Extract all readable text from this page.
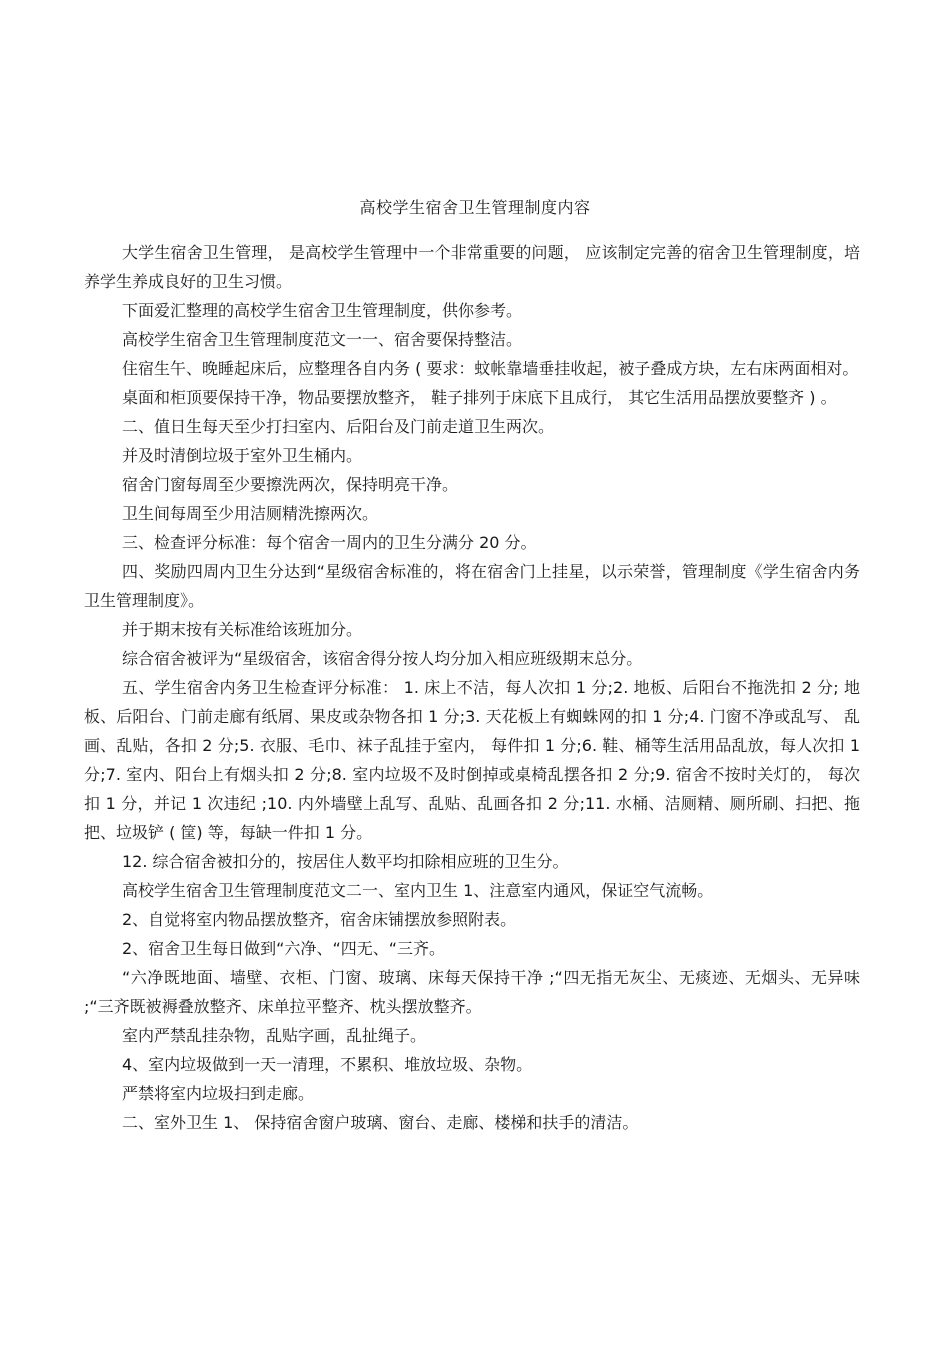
高校学生宿舍卫生管理制度内容

大学生宿舍卫生管理， 是高校学生管理中一个非常重要的问题， 应该制定完善的宿舍卫生管理制度，培养学生养成良好的卫生习惯。

下面爱汇整理的高校学生宿舍卫生管理制度，供你参考。

高校学生宿舍卫生管理制度范文一一、宿舍要保持整洁。

住宿生午、晚睡起床后，应整理各自内务 ( 要求：蚊帐靠墙垂挂收起，被子叠成方块，左右床两面相对。

桌面和柜顶要保持干净，物品要摆放整齐， 鞋子排列于床底下且成行， 其它生活用品摆放要整齐 ) 。

二、值日生每天至少打扫室内、后阳台及门前走道卫生两次。

并及时清倒垃圾于室外卫生桶内。

宿舍门窗每周至少要擦洗两次，保持明亮干净。

卫生间每周至少用洁厕精洗擦两次。

三、检查评分标准：每个宿舍一周内的卫生分满分 20 分。

四、奖励四周内卫生分达到“星级宿舍标准的，将在宿舍门上挂星，以示荣誉，管理制度《学生宿舍内务卫生管理制度》。

并于期末按有关标准给该班加分。

综合宿舍被评为“星级宿舍，该宿舍得分按人均分加入相应班级期末总分。

五、学生宿舍内务卫生检查评分标准： 1. 床上不洁，每人次扣 1 分;2. 地板、后阳台不拖洗扣 2 分; 地板、后阳台、门前走廊有纸屑、果皮或杂物各扣 1 分;3. 天花板上有蜘蛛网的扣 1 分;4. 门窗不净或乱写、 乱画、乱贴，各扣 2 分;5. 衣服、毛巾、袜子乱挂于室内， 每件扣 1 分;6. 鞋、桶等生活用品乱放，每人次扣 1 分;7. 室内、阳台上有烟头扣 2 分;8. 室内垃圾不及时倒掉或桌椅乱摆各扣 2 分;9. 宿舍不按时关灯的， 每次扣 1 分，并记 1 次违纪 ;10. 内外墙壁上乱写、乱贴、乱画各扣 2 分;11. 水桶、洁厕精、厕所刷、扫把、拖把、垃圾铲 ( 筐) 等，每缺一件扣 1 分。

12. 综合宿舍被扣分的，按居住人数平均扣除相应班的卫生分。

高校学生宿舍卫生管理制度范文二一、室内卫生 1、注意室内通风，保证空气流畅。

2、自觉将室内物品摆放整齐，宿舍床铺摆放参照附表。

2、宿舍卫生每日做到“六净、“四无、“三齐。

“六净既地面、墙壁、衣柜、门窗、玻璃、床每天保持干净 ;“四无指无灰尘、无痰迹、无烟头、无异味 ;“三齐既被褥叠放整齐、床单拉平整齐、枕头摆放整齐。

室内严禁乱挂杂物，乱贴字画，乱扯绳子。

4、室内垃圾做到一天一清理，不累积、堆放垃圾、杂物。

严禁将室内垃圾扫到走廊。

二、室外卫生 1、 保持宿舍窗户玻璃、窗台、走廊、楼梯和扶手的清洁。
